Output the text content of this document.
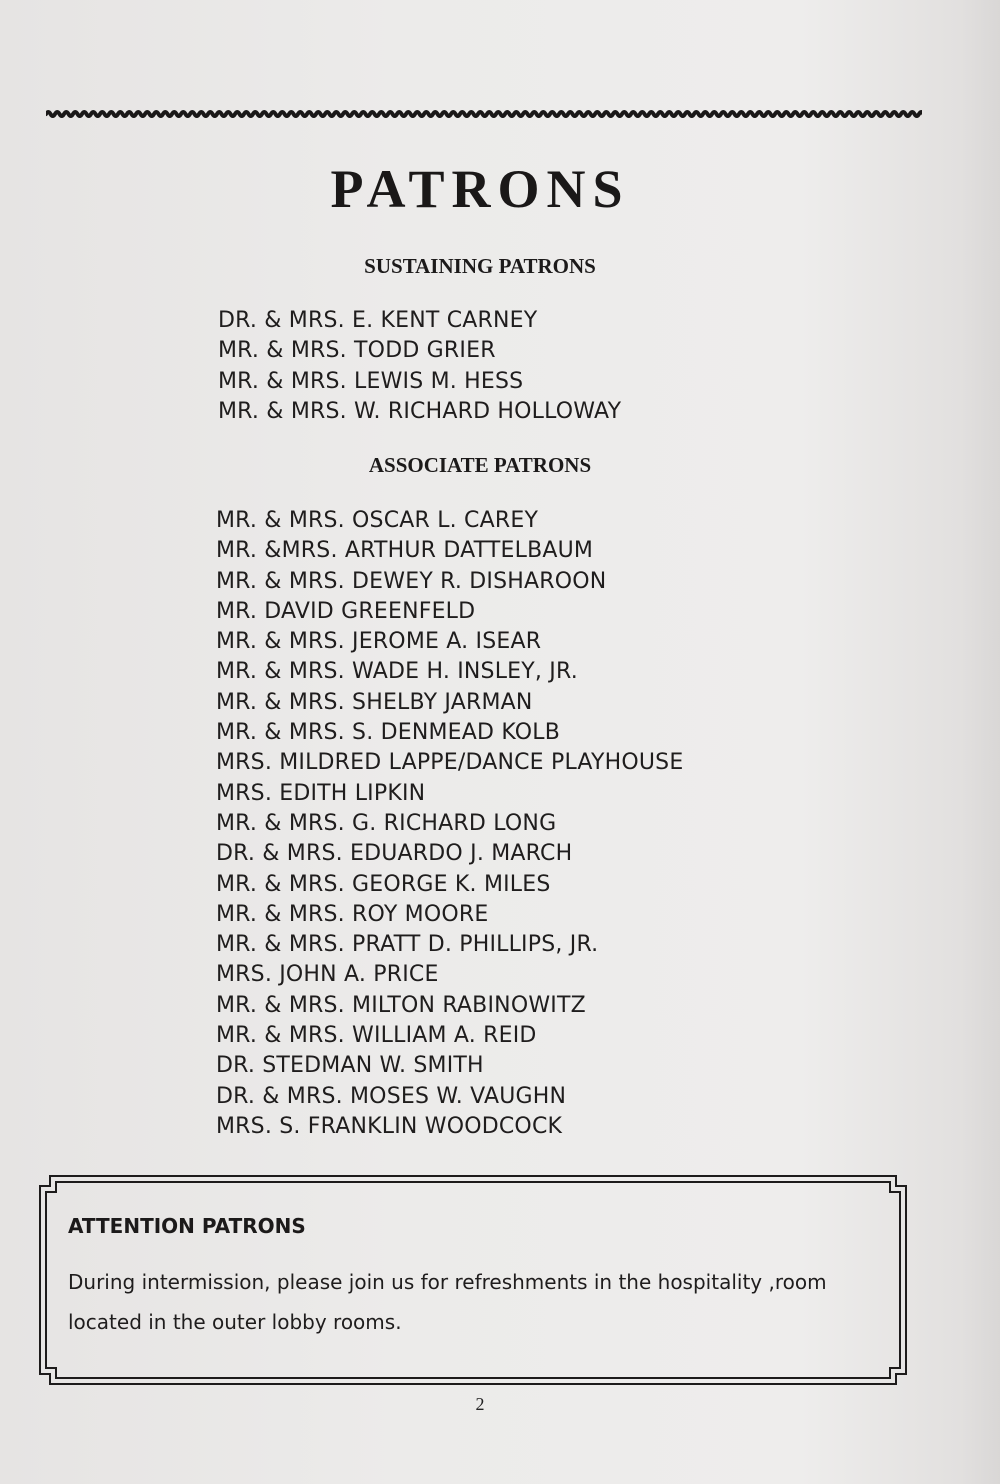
PATRONS
SUSTAINING PATRONS
DR. & MRS. E. KENT CARNEY
MR. & MRS. TODD GRIER
MR. & MRS. LEWIS M. HESS
MR. & MRS. W. RICHARD HOLLOWAY
ASSOCIATE PATRONS
MR. & MRS. OSCAR L. CAREY
MR. &MRS. ARTHUR DATTELBAUM
MR. & MRS. DEWEY R. DISHAROON
MR. DAVID GREENFELD
MR. & MRS. JEROME A. ISEAR
MR. & MRS. WADE H. INSLEY, JR.
MR. & MRS. SHELBY JARMAN
MR. & MRS. S. DENMEAD KOLB
MRS. MILDRED LAPPE/DANCE PLAYHOUSE
MRS. EDITH LIPKIN
MR. & MRS. G. RICHARD LONG
DR. & MRS. EDUARDO J. MARCH
MR. & MRS. GEORGE K. MILES
MR. & MRS. ROY MOORE
MR. & MRS. PRATT D. PHILLIPS, JR.
MRS. JOHN A. PRICE
MR. & MRS. MILTON RABINOWITZ
MR. & MRS. WILLIAM A. REID
DR. STEDMAN W. SMITH
DR. & MRS. MOSES W. VAUGHN
MRS. S. FRANKLIN WOODCOCK
ATTENTION PATRONS
During intermission, please join us for refreshments in the hospitality ,room located in the outer lobby rooms.
2
